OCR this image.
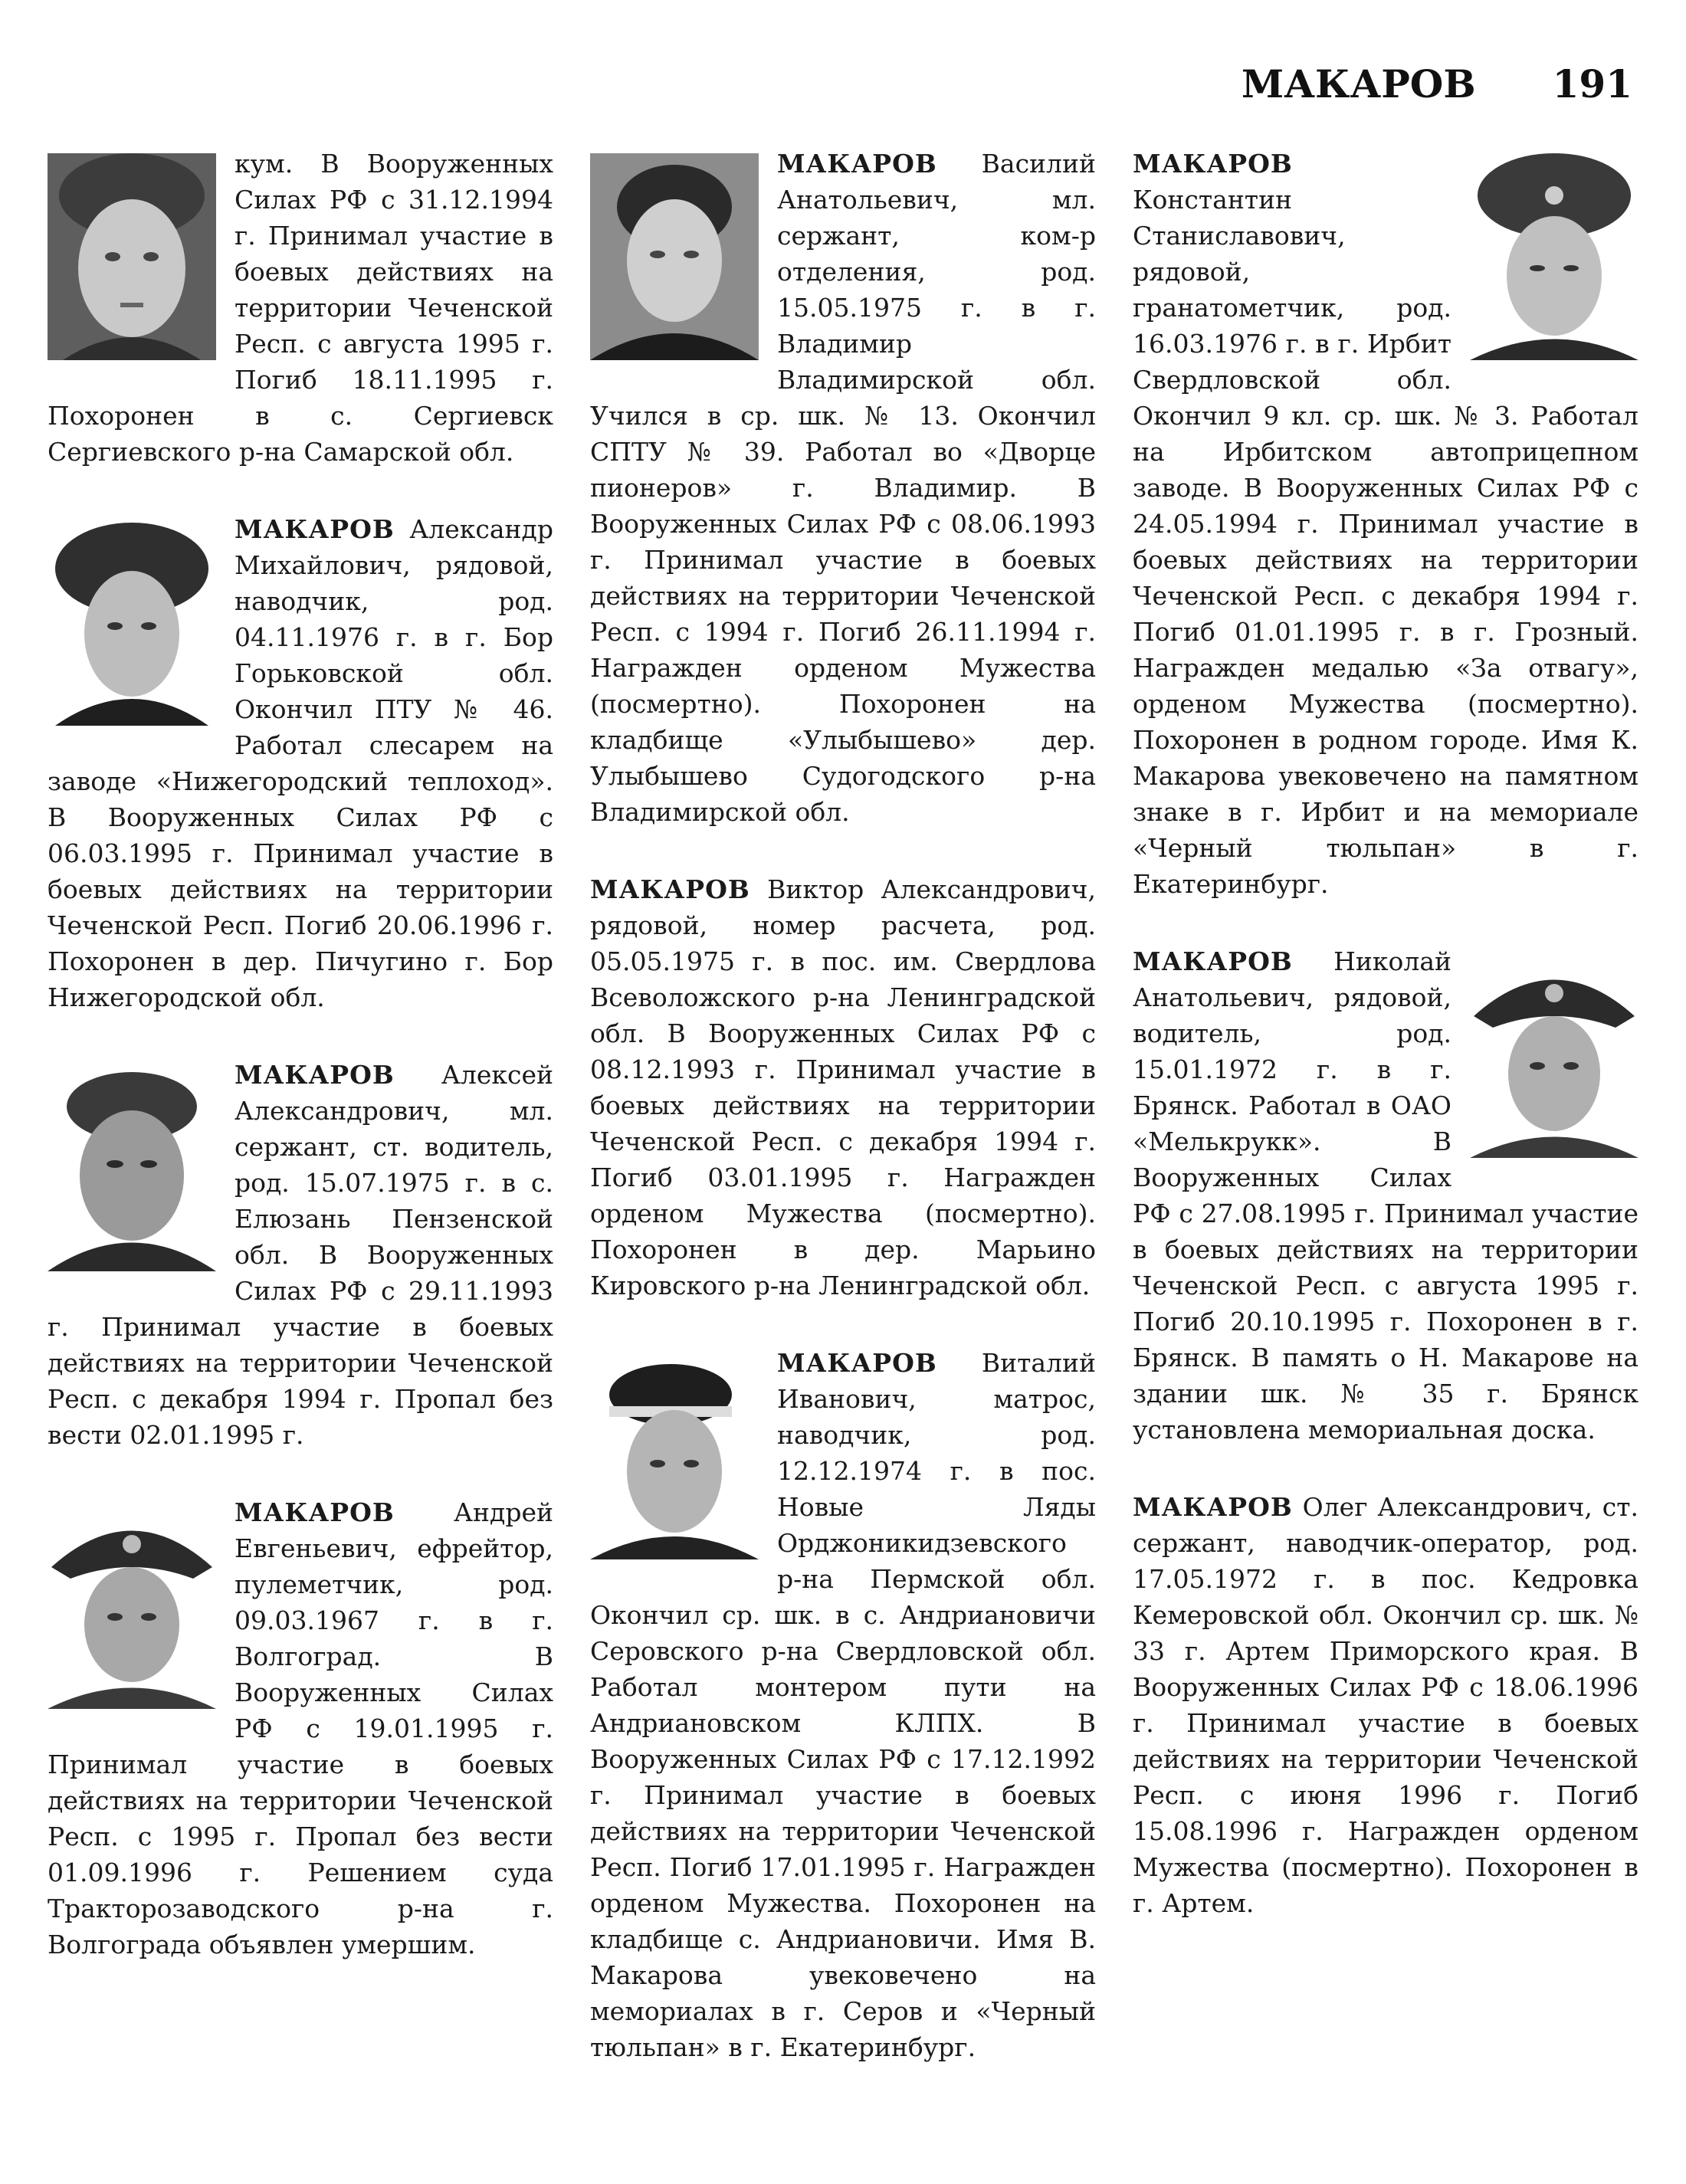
МАКАРОВ 191

кум. В Вооруженных Силах РФ с 31.12.1994 г. Принимал участие в боевых действиях на территории Чеченской Респ. с августа 1995 г. Погиб 18.11.1995 г. Похоронен в с. Сергиевск Сергиевского р-на Самарской обл.

МАКАРОВ
Александр Михайлович, рядовой, наводчик, род. 04.11.1976 г. в г. Бор Горьковской обл. Окончил ПТУ № 46. Работал слесарем на заводе «Нижегородский теплоход». В Вооруженных Силах РФ с 06.03.1995 г. Принимал участие в боевых действиях на территории Чеченской Респ. Погиб 20.06.1996 г. Похоронен в дер. Пичугино г. Бор Нижегородской обл.

МАКАРОВ
Алексей Александрович, мл. сержант, ст. водитель, род. 15.07.1975 г. в с. Елюзань Пензенской обл. В Вооруженных Силах РФ с 29.11.1993 г. Принимал участие в боевых действиях на территории Чеченской Респ. с декабря 1994 г. Пропал без вести 02.01.1995 г.

МАКАРОВ
Андрей Евгеньевич, ефрейтор, пулеметчик, род. 09.03.1967 г. в г. Волгоград. В Вооруженных Силах РФ с 19.01.1995 г. Принимал участие в боевых действиях на территории Чеченской Респ. с 1995 г. Пропал без вести 01.09.1996 г. Решением суда Тракторозаводского р-на г. Волгограда объявлен умершим.

МАКАРОВ
Василий Анатольевич, мл. сержант, ком-р отделения, род. 15.05.1975 г. в г. Владимир Владимирской обл. Учился в ср. шк. № 13. Окончил СПТУ № 39. Работал во «Дворце пионеров» г. Владимир. В Вооруженных Силах РФ с 08.06.1993 г. Принимал участие в боевых действиях на территории Чеченской Респ. с 1994 г. Погиб 26.11.1994 г. Награжден орденом Мужества (посмертно). Похоронен на кладбище «Улыбышево» дер. Улыбышево Судогодского р-на Владимирской обл.

МАКАРОВ Виктор Александрович, рядовой, номер расчета, род. 05.05.1975 г. в пос. им. Свердлова Всеволожского р-на Ленинградской обл. В Вооруженных Силах РФ с 08.12.1993 г. Принимал участие в боевых действиях на территории Чеченской Респ. с декабря 1994 г. Погиб 03.01.1995 г. Награжден орденом Мужества (посмертно). Похоронен в дер. Марьино Кировского р-на Ленинградской обл.

МАКАРОВ
Виталий Иванович, матрос, наводчик, род. 12.12.1974 г. в пос. Новые Ляды Орджоникидзевского р-на Пермской обл. Окончил ср. шк. в с. Андриановичи Серовского р-на Свердловской обл. Работал монтером пути на Андриановском КЛПХ. В Вооруженных Силах РФ с 17.12.1992 г. Принимал участие в боевых действиях на территории Чеченской Респ. Погиб 17.01.1995 г. Награжден орденом Мужества. Похоронен на кладбище с. Андриановичи. Имя В. Макарова увековечено на мемориалах в г. Серов и «Черный тюльпан» в г. Екатеринбург.

МАКАРОВ
Константин Станиславович, рядовой, гранатометчик, род. 16.03.1976 г. в г. Ирбит Свердловской обл. Окончил 9 кл. ср. шк. № 3. Работал на Ирбитском автоприцепном заводе. В Вооруженных Силах РФ с 24.05.1994 г. Принимал участие в боевых действиях на территории Чеченской Респ. с декабря 1994 г. Погиб 01.01.1995 г. в г. Грозный. Награжден медалью «За отвагу», орденом Мужества (посмертно). Похоронен в родном городе. Имя К. Макарова увековечено на памятном знаке в г. Ирбит и на мемориале «Черный тюльпан» в г. Екатеринбург.

МАКАРОВ
Николай Анатольевич, рядовой, водитель, род. 15.01.1972 г. в г. Брянск. Работал в ОАО «Мелькрукк». В Вооруженных Силах РФ с 27.08.1995 г. Принимал участие в боевых действиях на территории Чеченской Респ. с августа 1995 г. Погиб 20.10.1995 г. Похоронен в г. Брянск. В память о Н. Макарове на здании шк. № 35 г. Брянск установлена мемориальная доска.

МАКАРОВ Олег Александрович, ст. сержант, наводчик-оператор, род. 17.05.1972 г. в пос. Кедровка Кемеровской обл. Окончил ср. шк. № 33 г. Артем Приморского края. В Вооруженных Силах РФ с 18.06.1996 г. Принимал участие в боевых действиях на территории Чеченской Респ. с июня 1996 г. Погиб 15.08.1996 г. Награжден орденом Мужества (посмертно). Похоронен в г. Артем.
